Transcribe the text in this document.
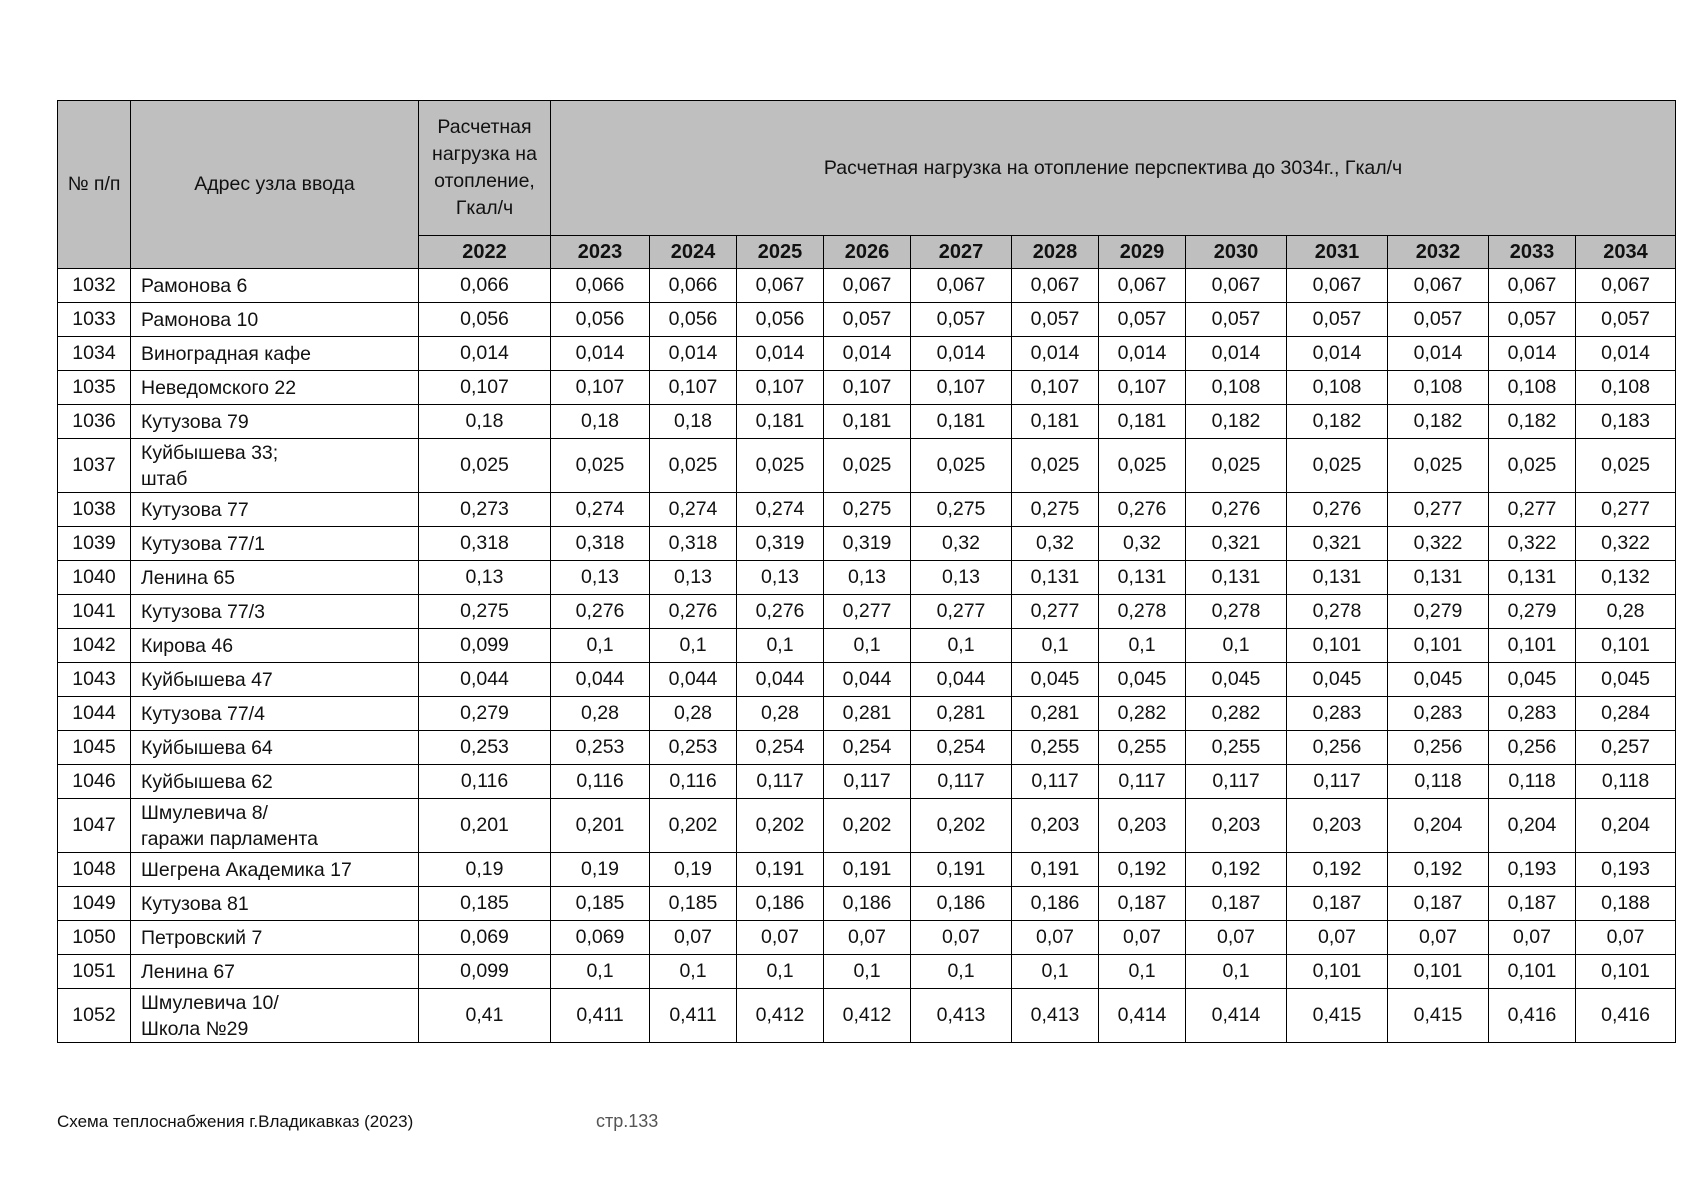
№ п/п	Адрес узла ввода	Расчетная нагрузка на отопление, Гкал/ч	Расчетная нагрузка на отопление перспектива до 3034г., Гкал/ч											
		2022	2023	2024	2025	2026	2027	2028	2029	2030	2031	2032	2033	2034
1032	Рамонова 6	0,066	0,066	0,066	0,067	0,067	0,067	0,067	0,067	0,067	0,067	0,067	0,067	0,067
1033	Рамонова 10	0,056	0,056	0,056	0,056	0,057	0,057	0,057	0,057	0,057	0,057	0,057	0,057	0,057
1034	Виноградная кафе	0,014	0,014	0,014	0,014	0,014	0,014	0,014	0,014	0,014	0,014	0,014	0,014	0,014
1035	Неведомского 22	0,107	0,107	0,107	0,107	0,107	0,107	0,107	0,107	0,108	0,108	0,108	0,108	0,108
1036	Кутузова 79	0,18	0,18	0,18	0,181	0,181	0,181	0,181	0,181	0,182	0,182	0,182	0,182	0,183
1037	Куйбышева 33;
штаб	0,025	0,025	0,025	0,025	0,025	0,025	0,025	0,025	0,025	0,025	0,025	0,025	0,025
1038	Кутузова 77	0,273	0,274	0,274	0,274	0,275	0,275	0,275	0,276	0,276	0,276	0,277	0,277	0,277
1039	Кутузова 77/1	0,318	0,318	0,318	0,319	0,319	0,32	0,32	0,32	0,321	0,321	0,322	0,322	0,322
1040	Ленина 65	0,13	0,13	0,13	0,13	0,13	0,13	0,131	0,131	0,131	0,131	0,131	0,131	0,132
1041	Кутузова 77/3	0,275	0,276	0,276	0,276	0,277	0,277	0,277	0,278	0,278	0,278	0,279	0,279	0,28
1042	Кирова 46	0,099	0,1	0,1	0,1	0,1	0,1	0,1	0,1	0,1	0,101	0,101	0,101	0,101
1043	Куйбышева 47	0,044	0,044	0,044	0,044	0,044	0,044	0,045	0,045	0,045	0,045	0,045	0,045	0,045
1044	Кутузова 77/4	0,279	0,28	0,28	0,28	0,281	0,281	0,281	0,282	0,282	0,283	0,283	0,283	0,284
1045	Куйбышева 64	0,253	0,253	0,253	0,254	0,254	0,254	0,255	0,255	0,255	0,256	0,256	0,256	0,257
1046	Куйбышева 62	0,116	0,116	0,116	0,117	0,117	0,117	0,117	0,117	0,117	0,117	0,118	0,118	0,118
1047	Шмулевича 8/
гаражи парламента	0,201	0,201	0,202	0,202	0,202	0,202	0,203	0,203	0,203	0,203	0,204	0,204	0,204
1048	Шегрена Академика 17	0,19	0,19	0,19	0,191	0,191	0,191	0,191	0,192	0,192	0,192	0,192	0,193	0,193
1049	Кутузова 81	0,185	0,185	0,185	0,186	0,186	0,186	0,186	0,187	0,187	0,187	0,187	0,187	0,188
1050	Петровский 7	0,069	0,069	0,07	0,07	0,07	0,07	0,07	0,07	0,07	0,07	0,07	0,07	0,07
1051	Ленина 67	0,099	0,1	0,1	0,1	0,1	0,1	0,1	0,1	0,1	0,101	0,101	0,101	0,101
1052	Шмулевича 10/
Школа №29	0,41	0,411	0,411	0,412	0,412	0,413	0,413	0,414	0,414	0,415	0,415	0,416	0,416
Схема теплоснабжения г.Владикавказ (2023)	стр.133
